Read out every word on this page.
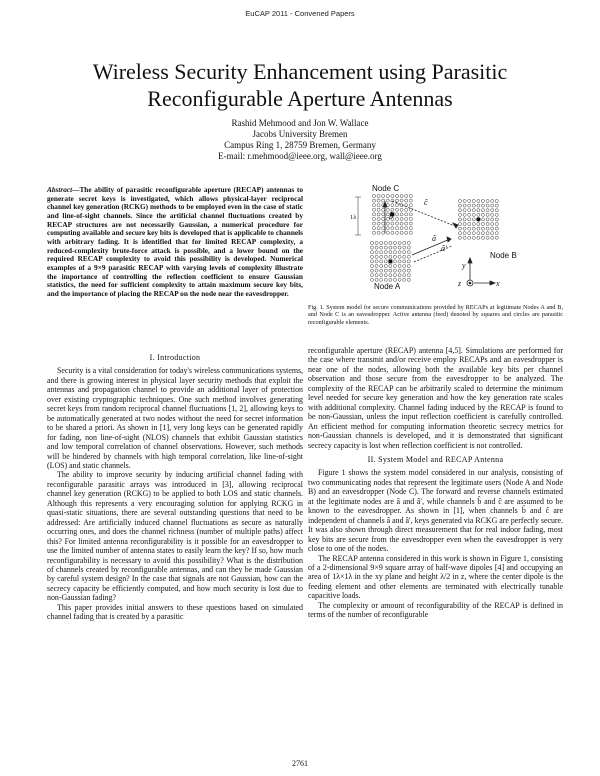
EuCAP 2011 - Convened Papers
Wireless Security Enhancement using Parasitic
Reconfigurable Aperture Antennas
Rashid Mehmood and Jon W. Wallace
Jacobs University Bremen
Campus Ring 1, 28759 Bremen, Germany
E-mail: r.mehmood@ieee.org, wall@ieee.org
Abstract—The ability of parasitic reconfigurable aperture (RECAP) antennas to generate secret keys is investigated, which allows physical-layer reciprocal channel key generation (RCKG) methods to be employed even in the case of static and line-of-sight channels. Since the artificial channel fluctuations created by RECAP structures are not necessarily Gaussian, a numerical procedure for computing available and secure key bits is developed that is applicable to channels with arbitrary fading. It is identified that for limited RECAP complexity, a reduced-complexity brute-force attack is possible, and a lower bound on the required RECAP complexity to avoid this possibility is developed. Numerical examples of a 9×9 parasitic RECAP with varying levels of complexity illustrate the importance of controlling the reflection coefficient to ensure Gaussian statistics, the need for sufficient complexity to attain maximum secure key bits, and the importance of placing the RECAP on the node near the eavesdropper.
Node C
Node B
Node A
1λ	b̂
ĉ
â
â′
y
x
z
Fig. 1. System model for secure communications provided by RECAPs at legitimate Nodes A and B, and Node C is an eavesdropper. Active antenna (feed) denoted by squares and circles are parasitic reconfigurable elements.
I. Introduction

Security is a vital consideration for today's wireless communications systems, and there is growing interest in physical layer security methods that exploit the antennas and propagation channel to provide an additional layer of protection over existing cryptographic techniques. One such method involves generating secret keys from random reciprocal channel fluctuations [1, 2], allowing keys to be automatically generated at two nodes without the need for secret information to be shared a priori. As shown in [1], very long keys can be generated rapidly for fading, non line-of-sight (NLOS) channels that exhibit Gaussian statistics and low temporal correlation of channel observations. However, such methods will be hindered by channels with high temporal correlation, like line-of-sight (LOS) and static channels.

The ability to improve security by inducing artificial channel fading with reconfigurable parasitic arrays was introduced in [3], allowing reciprocal channel key generation (RCKG) to be applied to both LOS and static channels. Although this represents a very encouraging solution for applying RCKG in quasi-static situations, there are several outstanding questions that need to be addressed: Are artificially induced channel fluctuations as secure as naturally occurring ones, and does the channel richness (number of multiple paths) affect this? For limited antenna reconfigurability is it possible for an eavesdropper to use the limited number of antenna states to easily learn the key? If so, how much reconfigurability is necessary to avoid this possibility? What is the distribution of channels created by reconfigurable antennas, and can they be made Gaussian by careful system design? In the case that signals are not Gaussian, how can the secrecy capacity be efficiently computed, and how much security is lost due to non-Gaussian fading?

This paper provides initial answers to these questions based on simulated channel fading that is created by a parasitic

reconfigurable aperture (RECAP) antenna [4,5]. Simulations are performed for the case where transmit and/or receive employ RECAPs and an eavesdropper is near one of the nodes, allowing both the available key bits per channel observation and those secure from the eavesdropper to be analyzed. The complexity of the RECAP can be arbitrarily scaled to determine the minimum level needed for secure key generation and how the key generation rate scales with additional complexity. Channel fading induced by the RECAP is found to be non-Gaussian, unless the input reflection coefficient is carefully controlled. An efficient method for computing information theoretic secrecy metrics for non-Gaussian channels is developed, and it is demonstrated that significant secrecy capacity is lost when reflection coefficient is not controlled.

II. System Model and RECAP Antenna

Figure 1 shows the system model considered in our analysis, consisting of two communicating nodes that represent the legitimate users (Node A and Node B) and an eavesdropper (Node C). The forward and reverse channels estimated at the legitimate nodes are â and â′, while channels b̂ and ĉ are assumed to be known to the eavesdropper. As shown in [1], when channels b̂ and ĉ are independent of channels â and â′, keys generated via RCKG are perfectly secure. It was also shown through direct measurement that for real indoor fading, most key bits are secure from the eavesdropper even when the eavesdropper is very close to one of the nodes.

The RECAP antenna considered in this work is shown in Figure 1, consisting of a 2-dimensional 9×9 square array of half-wave dipoles [4] and occupying an area of 1λ×1λ in the xy plane and height λ/2 in z, where the center dipole is the feeding element and other elements are terminated with electrically tunable capacitive loads.

The complexity or amount of reconfigurability of the RECAP is defined in terms of the number of reconfigurable

2761
